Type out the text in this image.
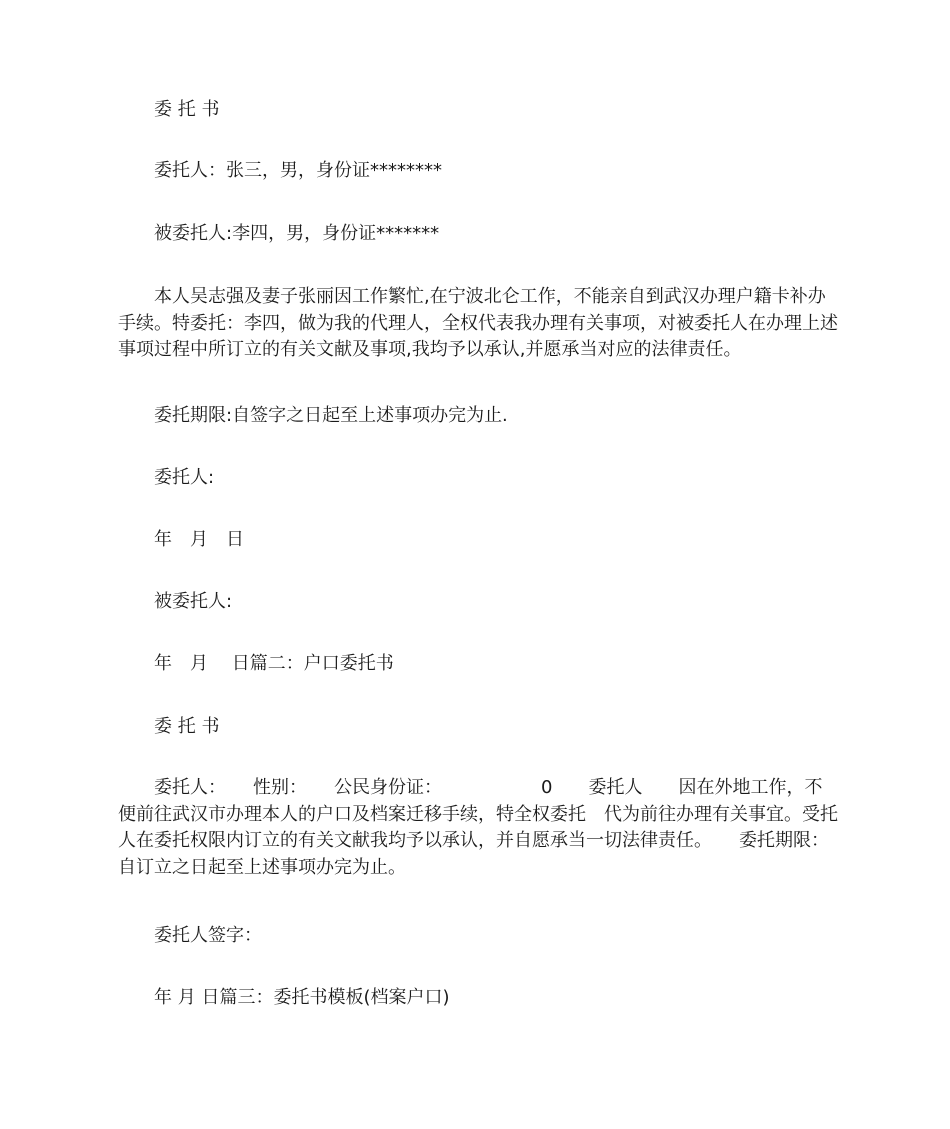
委 托 书
委托人：张三，男，身份证********
被委托人:李四，男，身份证*******
本人吴志强及妻子张丽因工作繁忙,在宁波北仑工作，不能亲自到武汉办理户籍卡补办手续。特委托：李四，做为我的代理人，全权代表我办理有关事项，对被委托人在办理上述事项过程中所订立的有关文献及事项,我均予以承认,并愿承当对应的法律责任。
委托期限:自签字之日起至上述事项办完为止.
委托人:
年　月　日
被委托人:
年　月　 日篇二：户口委托书
委 托 书
委托人：　　性别：　　公民身份证：　　　　　　0　　委托人　　因在外地工作，不便前往武汉市办理本人的户口及档案迁移手续，特全权委托　代为前往办理有关事宜。受托人在委托权限内订立的有关文献我均予以承认，并自愿承当一切法律责任。　　委托期限：自订立之日起至上述事项办完为止。
委托人签字：
年 月 日篇三：委托书模板(档案户口)
